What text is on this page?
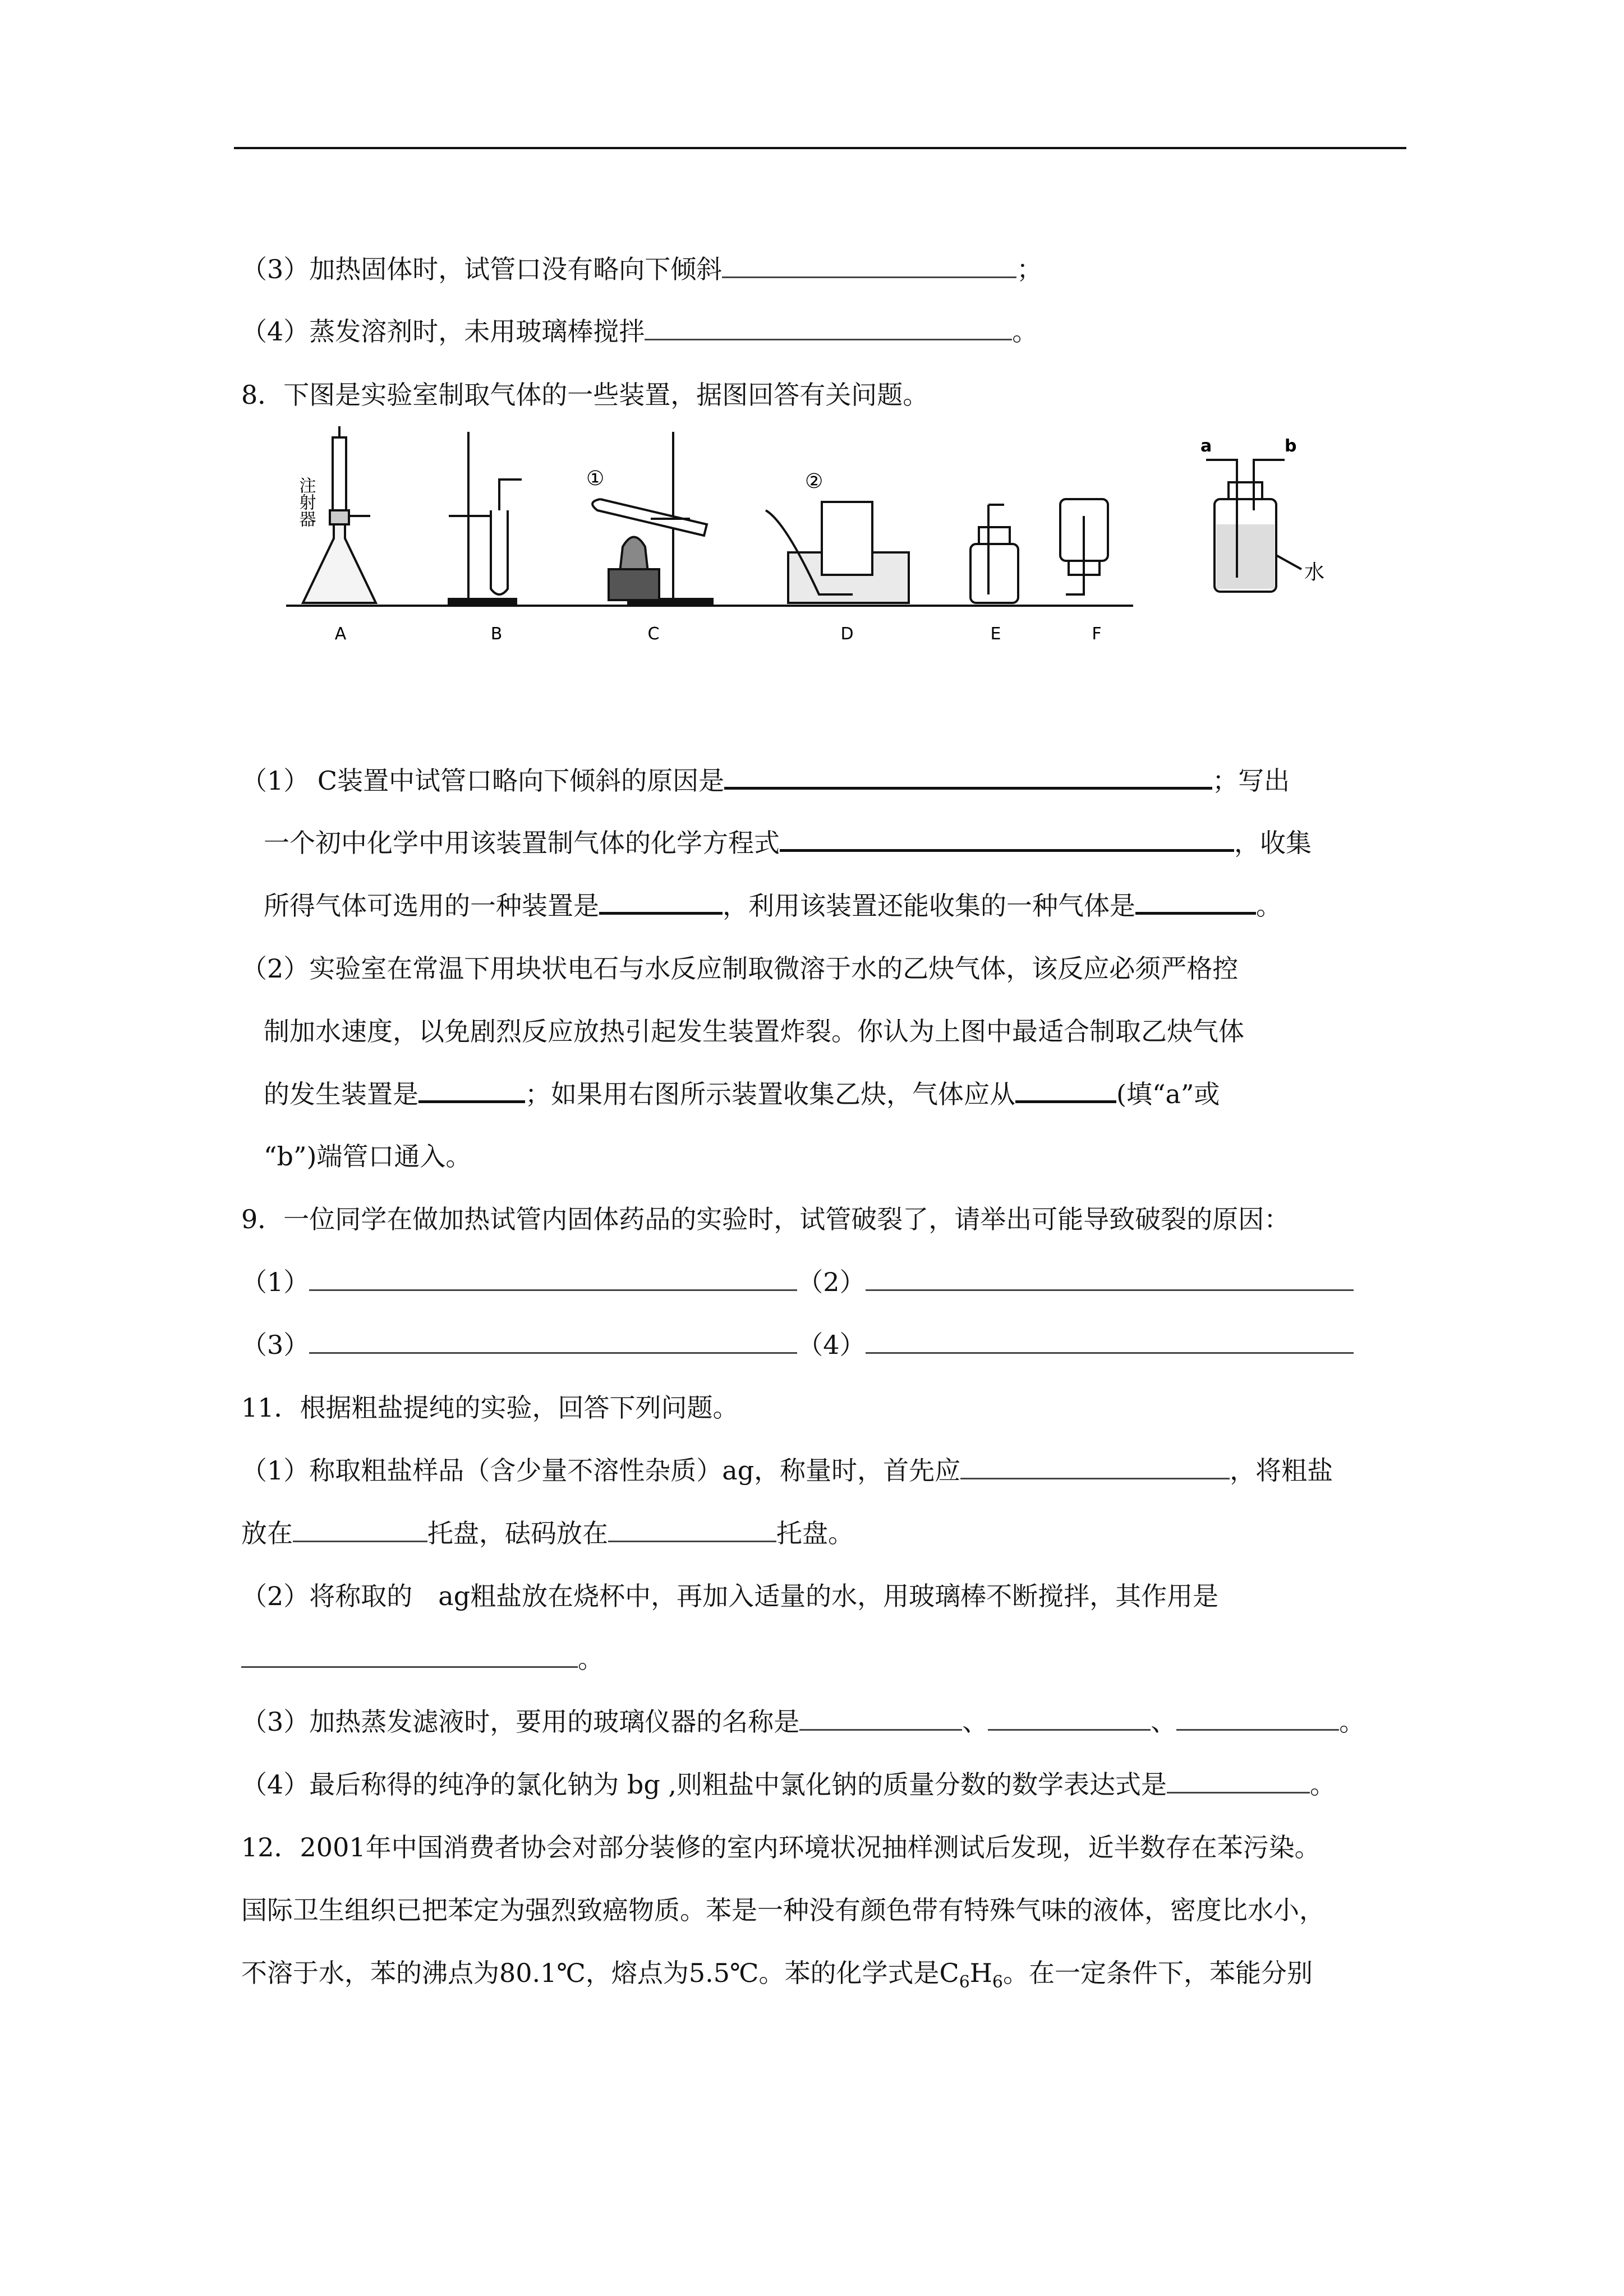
（3）加热固体时，试管口没有略向下倾斜	；
（4）蒸发溶剂时，未用玻璃棒搅拌	。
8．下图是实验室制取气体的一些装置，据图回答有关问题。
注射器	①	②
a	b
水
A	B	C	D	E	F
（1） C装置中试管口略向下倾斜的原因是	；写出
一个初中化学中用该装置制气体的化学方程式	，收集
所得气体可选用的一种装置是	，利用该装置还能收集的一种气体是	。
（2）实验室在常温下用块状电石与水反应制取微溶于水的乙炔气体，该反应必须严格控
制加水速度，以免剧烈反应放热引起发生装置炸裂。你认为上图中最适合制取乙炔气体
的发生装置是	；如果用右图所示装置收集乙炔，气体应从	(填“a”或
“b”)端管口通入。
9．一位同学在做加热试管内固体药品的实验时，试管破裂了，请举出可能导致破裂的原因：
（1）	（2）
（3）	（4）
11．根据粗盐提纯的实验，回答下列问题。
（1）称取粗盐样品（含少量不溶性杂质）ag，称量时，首先应	，将粗盐
放在	托盘，砝码放在	托盘。
（2）将称取的　ag粗盐放在烧杯中，再加入适量的水，用玻璃棒不断搅拌，其作用是
。
（3）加热蒸发滤液时，要用的玻璃仪器的名称是	、	、	。
（4）最后称得的纯净的氯化钠为 bg ,则粗盐中氯化钠的质量分数的数学表达式是	。
12．2001年中国消费者协会对部分装修的室内环境状况抽样测试后发现，近半数存在苯污染。
国际卫生组织已把苯定为强烈致癌物质。苯是一种没有颜色带有特殊气味的液体，密度比水小，
不溶于水，苯的沸点为80.1℃，熔点为5.5℃。苯的化学式是$C_6H_6$。在一定条件下，苯能分别
